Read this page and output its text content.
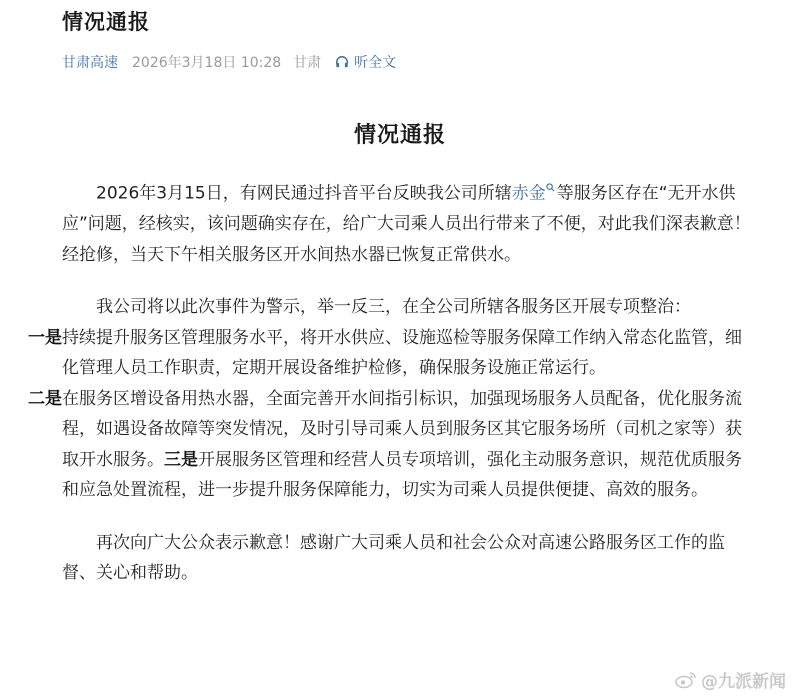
情况通报
甘肃高速 2026年3月18日 10:28 甘肃 听全文
情况通报

2026年3月15日，有网民通过抖音平台反映我公司所辖赤金 等服务区存在“无开水供应”问题，经核实，该问题确实存在，给广大司乘人员出行带来了不便，对此我们深表歉意！经抢修，当天下午相关服务区开水间热水器已恢复正常供水。

我公司将以此次事件为警示，举一反三，在全公司所辖各服务区开展专项整治：
一是持续提升服务区管理服务水平，将开水供应、设施巡检等服务保障工作纳入常态化监管，细化管理人员工作职责，定期开展设备维护检修，确保服务设施正常运行。
二是在服务区增设备用热水器，全面完善开水间指引标识，加强现场服务人员配备，优化服务流程，如遇设备故障等突发情况，及时引导司乘人员到服务区其它服务场所（司机之家等）获取开水服务。三是开展服务区管理和经营人员专项培训，强化主动服务意识，规范优质服务和应急处置流程，进一步提升服务保障能力，切实为司乘人员提供便捷、高效的服务。

再次向广大公众表示歉意！感谢广大司乘人员和社会公众对高速公路服务区工作的监督、关心和帮助。

@九派新闻
